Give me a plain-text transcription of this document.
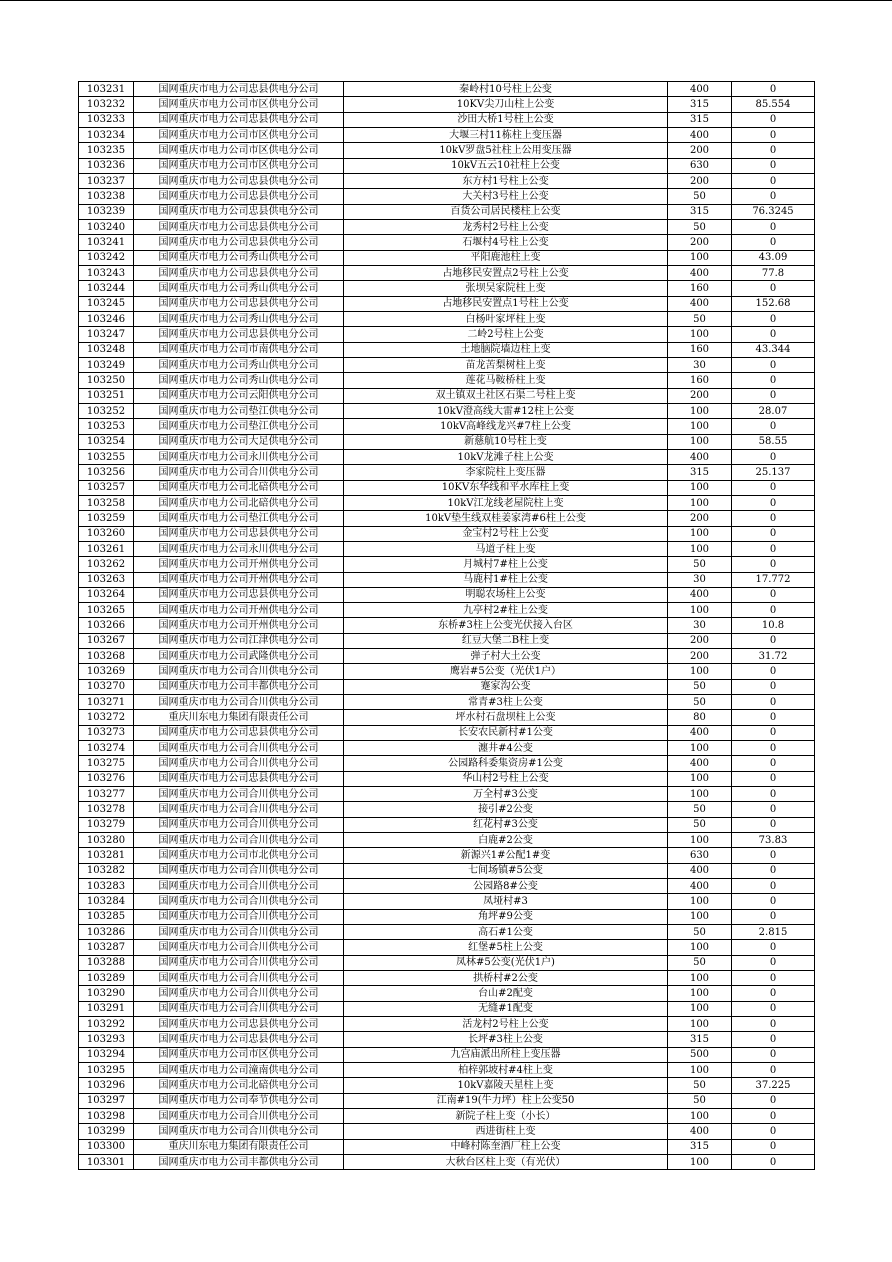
103231	国网重庆市电力公司忠县供电分公司	秦岭村10号柱上公变	400	0
103232	国网重庆市电力公司市区供电分公司	10KV尖刀山柱上公变	315	85.554
103233	国网重庆市电力公司忠县供电分公司	沙田大桥1号柱上公变	315	0
103234	国网重庆市电力公司市区供电分公司	大堰三村11栋柱上变压器	400	0
103235	国网重庆市电力公司市区供电分公司	10kV罗盘5社柱上公用变压器	200	0
103236	国网重庆市电力公司市区供电分公司	10kV五云10社柱上公变	630	0
103237	国网重庆市电力公司忠县供电分公司	东方村1号柱上公变	200	0
103238	国网重庆市电力公司忠县供电分公司	大关村3号柱上公变	50	0
103239	国网重庆市电力公司忠县供电分公司	百货公司居民楼柱上公变	315	76.3245
103240	国网重庆市电力公司忠县供电分公司	龙秀村2号柱上公变	50	0
103241	国网重庆市电力公司忠县供电分公司	石堰村4号柱上公变	200	0
103242	国网重庆市电力公司秀山供电分公司	平阳鹿池柱上变	100	43.09
103243	国网重庆市电力公司忠县供电分公司	占地移民安置点2号柱上公变	400	77.8
103244	国网重庆市电力公司秀山供电分公司	张坝吴家院柱上变	160	0
103245	国网重庆市电力公司忠县供电分公司	占地移民安置点1号柱上公变	400	152.68
103246	国网重庆市电力公司秀山供电分公司	白杨叶家坪柱上变	50	0
103247	国网重庆市电力公司忠县供电分公司	二岭2号柱上公变	100	0
103248	国网重庆市电力公司市南供电分公司	土地脑院墙边柱上变	160	43.344
103249	国网重庆市电力公司秀山供电分公司	苗龙苦梨树柱上变	30	0
103250	国网重庆市电力公司秀山供电分公司	莲花马鞍桥柱上变	160	0
103251	国网重庆市电力公司云阳供电分公司	双土镇双土社区石渠二号柱上变	200	0
103252	国网重庆市电力公司垫江供电分公司	10kV澄高线大雷#12柱上公变	100	28.07
103253	国网重庆市电力公司垫江供电分公司	10kV高峰线龙兴#7柱上公变	100	0
103254	国网重庆市电力公司大足供电分公司	新慈航10号柱上变	100	58.55
103255	国网重庆市电力公司永川供电分公司	10kV龙滩子柱上公变	400	0
103256	国网重庆市电力公司合川供电分公司	李家院柱上变压器	315	25.137
103257	国网重庆市电力公司北碚供电分公司	10KV东华线和平水库柱上变	100	0
103258	国网重庆市电力公司北碚供电分公司	10kV江龙线老屋院柱上变	100	0
103259	国网重庆市电力公司垫江供电分公司	10kV垫生线双桂姜家湾#6柱上公变	200	0
103260	国网重庆市电力公司忠县供电分公司	金宝村2号柱上公变	100	0
103261	国网重庆市电力公司永川供电分公司	马道子柱上变	100	0
103262	国网重庆市电力公司开州供电分公司	月城村7#柱上公变	50	0
103263	国网重庆市电力公司开州供电分公司	马鹿村1#柱上公变	30	17.772
103264	国网重庆市电力公司忠县供电分公司	明聪农场柱上公变	400	0
103265	国网重庆市电力公司开州供电分公司	九亭村2#柱上公变	100	0
103266	国网重庆市电力公司开州供电分公司	东桥#3柱上公变光伏接入台区	30	10.8
103267	国网重庆市电力公司江津供电分公司	红豆大堡二B柱上变	200	0
103268	国网重庆市电力公司武隆供电分公司	弹子村大土公变	200	31.72
103269	国网重庆市电力公司合川供电分公司	鹰岩#5公变（光伏1户）	100	0
103270	国网重庆市电力公司丰都供电分公司	蹇家沟公变	50	0
103271	国网重庆市电力公司合川供电分公司	常青#3柱上公变	50	0
103272	重庆川东电力集团有限责任公司	坪水村石盘坝柱上公变	80	0
103273	国网重庆市电力公司忠县供电分公司	长安农民新村#1公变	400	0
103274	国网重庆市电力公司合川供电分公司	瀍井#4公变	100	0
103275	国网重庆市电力公司合川供电分公司	公园路科委集资房#1公变	400	0
103276	国网重庆市电力公司忠县供电分公司	华山村2号柱上公变	100	0
103277	国网重庆市电力公司合川供电分公司	万全村#3公变	100	0
103278	国网重庆市电力公司合川供电分公司	接引#2公变	50	0
103279	国网重庆市电力公司合川供电分公司	红花村#3公变	50	0
103280	国网重庆市电力公司合川供电分公司	白鹿#2公变	100	73.83
103281	国网重庆市电力公司市北供电分公司	新源兴1#公配1#变	630	0
103282	国网重庆市电力公司合川供电分公司	七间场镇#5公变	400	0
103283	国网重庆市电力公司合川供电分公司	公园路8#公变	400	0
103284	国网重庆市电力公司合川供电分公司	凤垭村#3	100	0
103285	国网重庆市电力公司合川供电分公司	角坪#9公变	100	0
103286	国网重庆市电力公司合川供电分公司	高石#1公变	50	2.815
103287	国网重庆市电力公司合川供电分公司	红堡#5柱上公变	100	0
103288	国网重庆市电力公司合川供电分公司	凤林#5公变(光伏1户)	50	0
103289	国网重庆市电力公司合川供电分公司	拱桥村#2公变	100	0
103290	国网重庆市电力公司合川供电分公司	台山#2配变	100	0
103291	国网重庆市电力公司合川供电分公司	无缝#1配变	100	0
103292	国网重庆市电力公司忠县供电分公司	活龙村2号柱上公变	100	0
103293	国网重庆市电力公司忠县供电分公司	长坪#3柱上公变	315	0
103294	国网重庆市电力公司市区供电分公司	九宫庙派出所柱上变压器	500	0
103295	国网重庆市电力公司潼南供电分公司	柏梓郭坡村#4柱上变	100	0
103296	国网重庆市电力公司北碚供电分公司	10kV嘉陵天星柱上变	50	37.225
103297	国网重庆市电力公司奉节供电分公司	江南#19(牛力坪）柱上公变50	50	0
103298	国网重庆市电力公司合川供电分公司	新院子柱上变（小长）	100	0
103299	国网重庆市电力公司合川供电分公司	西进街柱上变	400	0
103300	重庆川东电力集团有限责任公司	中峰村陈奎酒厂柱上公变	315	0
103301	国网重庆市电力公司丰都供电分公司	大秋台区柱上变（有光伏）	100	0
